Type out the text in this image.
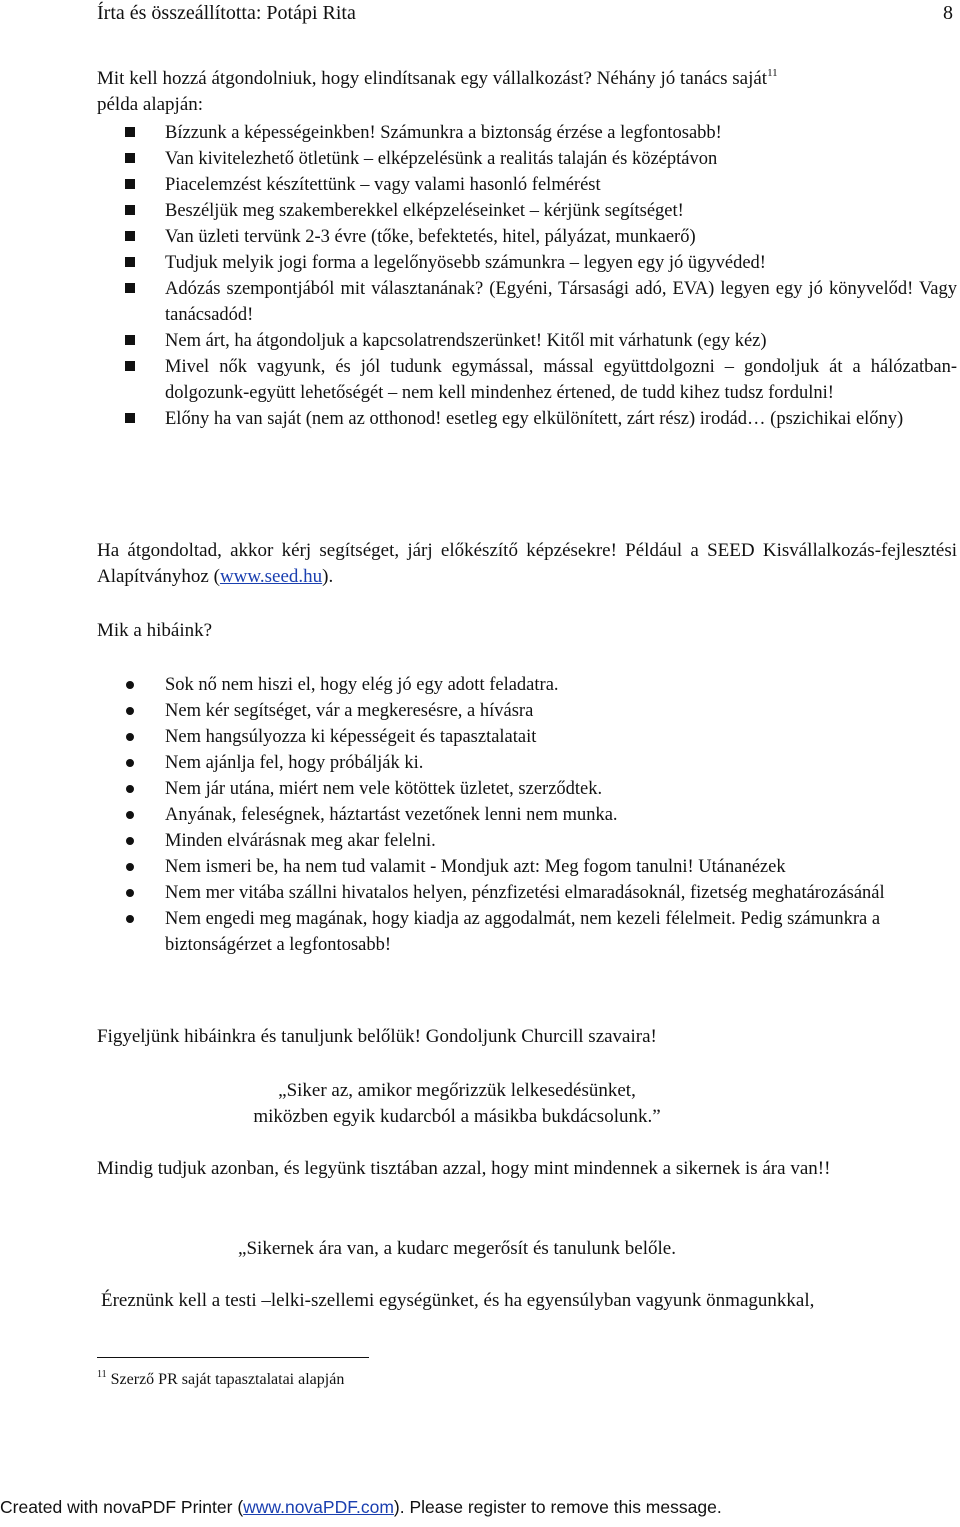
Írta és összeállította: Potápi Rita	8
Mit kell hozzá átgondolniuk, hogy elindítsanak egy vállalkozást? Néhány jó tanács saját$^{11}$
példa alapján:
Bízzunk a képességeinkben! Számunkra a biztonság érzése a legfontosabb!
Van kivitelezhető ötletünk – elképzelésünk a realitás talaján és középtávon
Piacelemzést készítettünk – vagy valami hasonló felmérést
Beszéljük meg szakemberekkel elképzeléseinket – kérjünk segítséget!
Van üzleti tervünk 2-3 évre (tőke, befektetés, hitel, pályázat, munkaerő)
Tudjuk melyik jogi forma a legelőnyösebb számunkra – legyen egy jó ügyvéded!
Adózás szempontjából mit választanának? (Egyéni, Társasági adó, EVA) legyen egy jó könyvelőd! Vagy tanácsadód!
Nem árt, ha átgondoljuk a kapcsolatrendszerünket! Kitől mit várhatunk (egy kéz)
Mivel nők vagyunk, és jól tudunk egymással, mással együttdolgozni – gondoljuk át a hálózatban-dolgozunk-együtt lehetőségét – nem kell mindenhez értened, de tudd kihez tudsz fordulni!
Előny ha van saját (nem az otthonod! esetleg egy elkülönített, zárt rész) irodád… (pszichikai előny)
Ha átgondoltad, akkor kérj segítséget, járj előkészítő képzésekre! Például a SEED Kisvállalkozás-fejlesztési Alapítványhoz (www.seed.hu).
Mik a hibáink?
Sok nő nem hiszi el, hogy elég jó egy adott feladatra.
Nem kér segítséget, vár a megkeresésre, a hívásra
Nem hangsúlyozza ki képességeit és tapasztalatait
Nem ajánlja fel, hogy próbálják ki.
Nem jár utána, miért nem vele kötöttek üzletet, szerződtek.
Anyának, feleségnek, háztartást vezetőnek lenni nem munka.
Minden elvárásnak meg akar felelni.
Nem ismeri be, ha nem tud valamit - Mondjuk azt: Meg fogom tanulni! Utánanézek
Nem mer vitába szállni hivatalos helyen, pénzfizetési elmaradásoknál, fizetség meghatározásánál
Nem engedi meg magának, hogy kiadja az aggodalmát, nem kezeli félelmeit. Pedig számunkra a biztonságérzet a legfontosabb!
Figyeljünk hibáinkra és tanuljunk belőlük! Gondoljunk Churcill szavaira!
„Siker az, amikor megőrizzük lelkesedésünket,
miközben egyik kudarcból a másikba bukdácsolunk.”
Mindig tudjuk azonban, és legyünk tisztában azzal, hogy mint mindennek a sikernek is ára van!!
„Sikernek ára van, a kudarc megerősít és tanulunk belőle.
Éreznünk kell a testi –lelki-szellemi egységünket, és ha egyensúlyban vagyunk önmagunkkal,
$^{11}$ Szerző PR saját tapasztalatai alapján
Created with novaPDF Printer (www.novaPDF.com). Please register to remove this message.
